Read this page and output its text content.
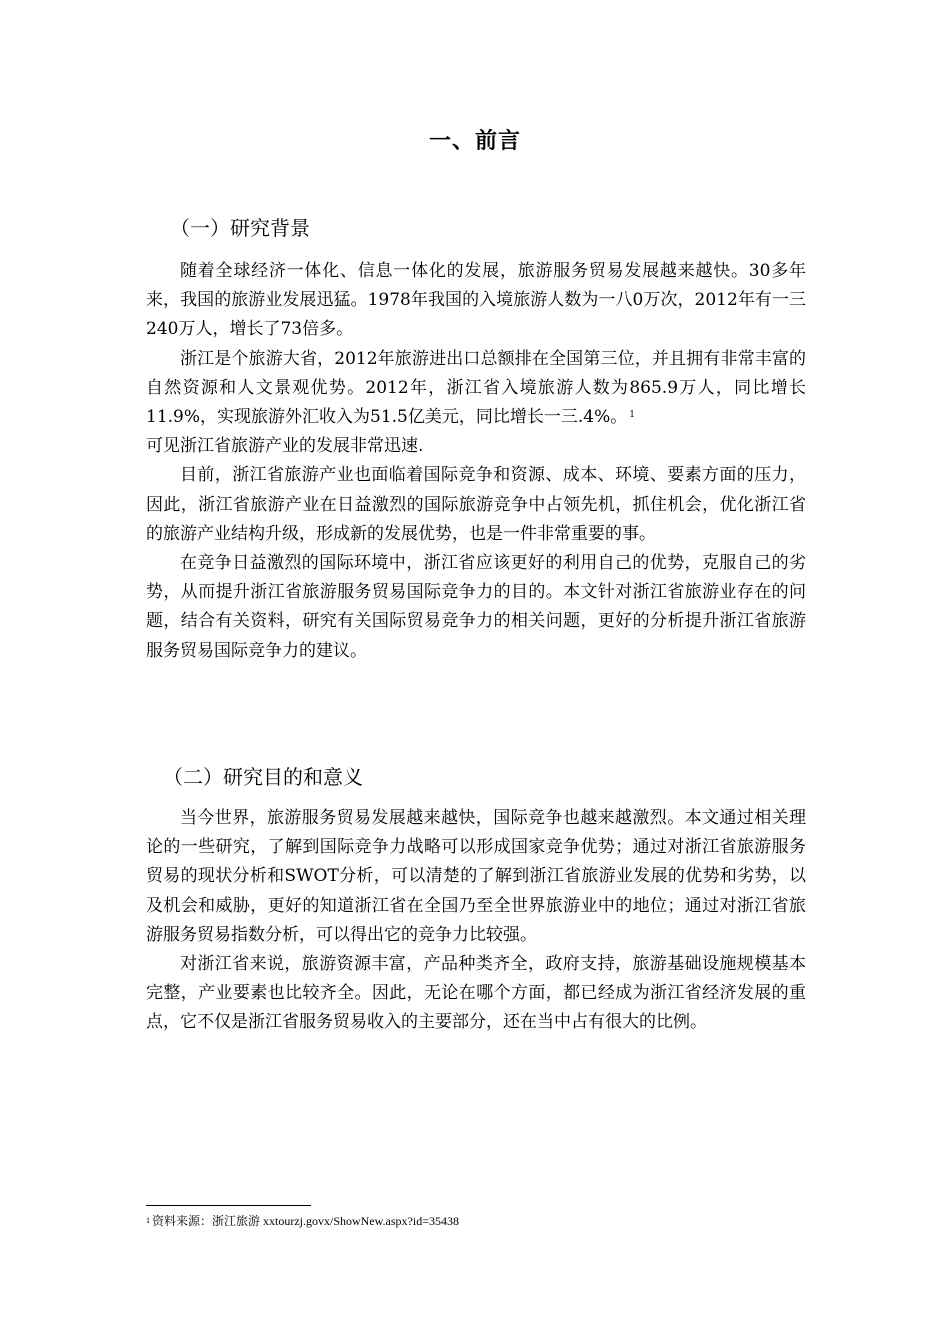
一、前言
（一）研究背景

随着全球经济一体化、信息一体化的发展，旅游服务贸易发展越来越快。30多年来，我国的旅游业发展迅猛。1978年我国的入境旅游人数为一八0万次，2012年有一三240万人，增长了73倍多。

浙江是个旅游大省，2012年旅游进出口总额排在全国第三位，并且拥有非常丰富的自然资源和人文景观优势。2012年，浙江省入境旅游人数为865.9万人，同比增长11.9%，实现旅游外汇收入为51.5亿美元，同比增长一三.4%。 $^1$
可见浙江省旅游产业的发展非常迅速.

目前，浙江省旅游产业也面临着国际竞争和资源、成本、环境、要素方面的压力，因此，浙江省旅游产业在日益激烈的国际旅游竞争中占领先机，抓住机会，优化浙江省的旅游产业结构升级，形成新的发展优势，也是一件非常重要的事。

在竞争日益激烈的国际环境中，浙江省应该更好的利用自己的优势，克服自己的劣势，从而提升浙江省旅游服务贸易国际竞争力的目的。本文针对浙江省旅游业存在的问题，结合有关资料，研究有关国际贸易竞争力的相关问题，更好的分析提升浙江省旅游服务贸易国际竞争力的建议。

（二）研究目的和意义

当今世界，旅游服务贸易发展越来越快，国际竞争也越来越激烈。本文通过相关理论的一些研究，了解到国际竞争力战略可以形成国家竞争优势；通过对浙江省旅游服务贸易的现状分析和SWOT分析，可以清楚的了解到浙江省旅游业发展的优势和劣势，以及机会和威胁，更好的知道浙江省在全国乃至全世界旅游业中的地位；通过对浙江省旅游服务贸易指数分析，可以得出它的竞争力比较强。

对浙江省来说，旅游资源丰富，产品种类齐全，政府支持，旅游基础设施规模基本完整，产业要素也比较齐全。因此，无论在哪个方面，都已经成为浙江省经济发展的重点，它不仅是浙江省服务贸易收入的主要部分，还在当中占有很大的比例。

$^1$ 资料来源：浙江旅游 xxtourzj.govx/ShowNew.aspx?id=35438
